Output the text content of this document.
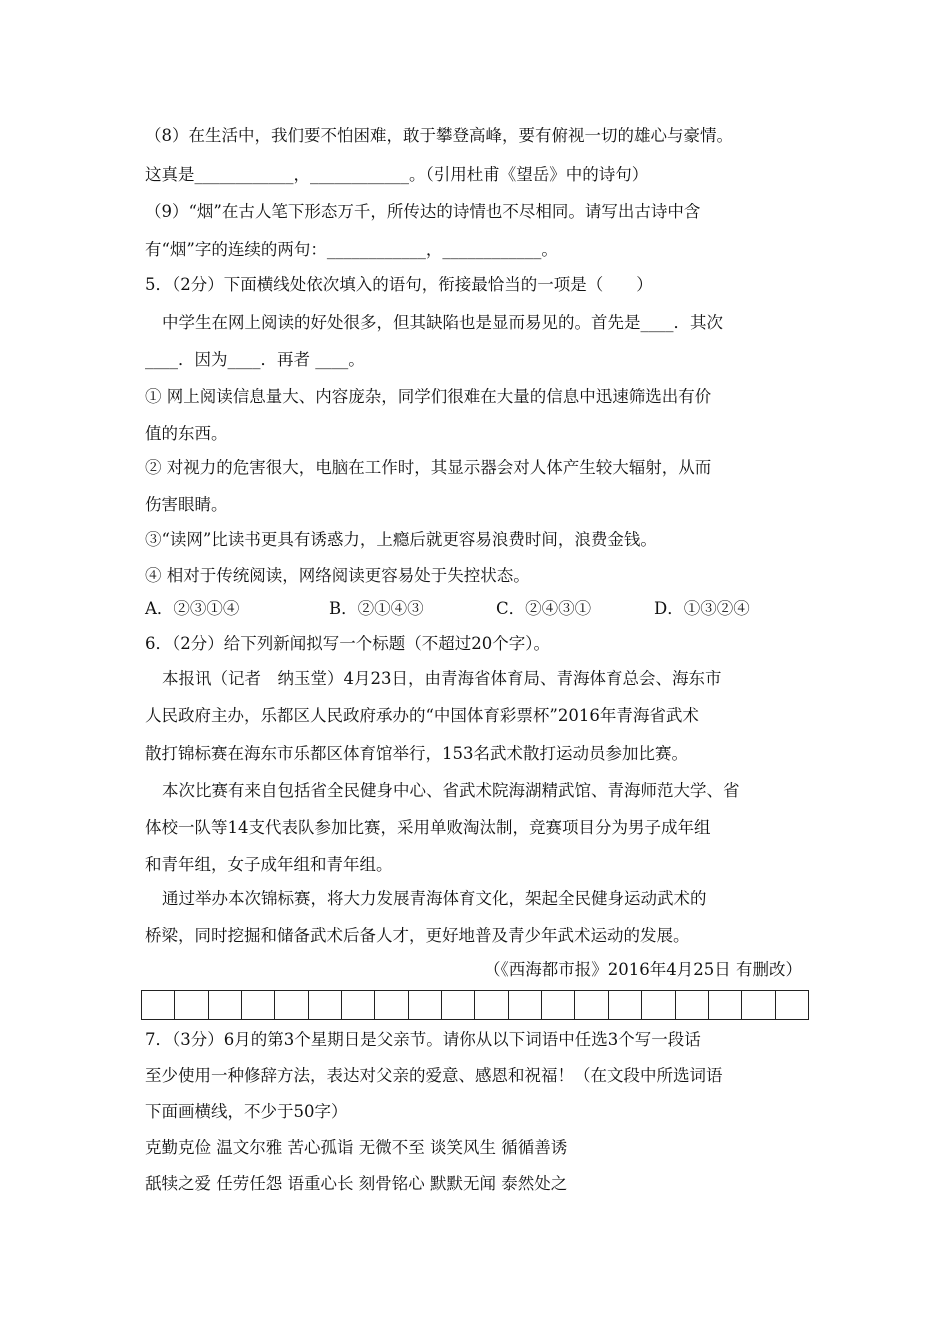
（8）在生活中，我们要不怕困难，敢于攀登高峰，要有俯视一切的雄心与豪情。
这真是____________，____________。（引用杜甫《望岳》中的诗句）
（9）“烟”在古人笔下形态万千，所传达的诗情也不尽相同。请写出古诗中含
有“烟”字的连续的两句：____________，____________。
5．（2分）下面横线处依次填入的语句，衔接最恰当的一项是（　　）
中学生在网上阅读的好处很多，但其缺陷也是显而易见的。首先是____．其次
____．因为____．再者 ____。
① 网上阅读信息量大、内容庞杂，同学们很难在大量的信息中迅速筛选出有价
值的东西。
② 对视力的危害很大，电脑在工作时，其显示器会对人体产生较大辐射，从而
伤害眼睛。
③“读网”比读书更具有诱惑力，上瘾后就更容易浪费时间，浪费金钱。
④ 相对于传统阅读，网络阅读更容易处于失控状态。
A．②③①④	B．②①④③	C．②④③①	D．①③②④
6．（2分）给下列新闻拟写一个标题（不超过20个字）。
本报讯（记者　纳玉堂）4月23日，由青海省体育局、青海体育总会、海东市
人民政府主办，乐都区人民政府承办的“中国体育彩票杯”2016年青海省武术
散打锦标赛在海东市乐都区体育馆举行，153名武术散打运动员参加比赛。
本次比赛有来自包括省全民健身中心、省武术院海湖精武馆、青海师范大学、省
体校一队等14支代表队参加比赛，采用单败淘汰制，竞赛项目分为男子成年组
和青年组，女子成年组和青年组。
通过举办本次锦标赛，将大力发展青海体育文化，架起全民健身运动武术的
桥梁，同时挖掘和储备武术后备人才，更好地普及青少年武术运动的发展。
（《西海都市报》2016年4月25日 有删改）
7．（3分）6月的第3个星期日是父亲节。请你从以下词语中任选3个写一段话
至少使用一种修辞方法，表达对父亲的爱意、感恩和祝福！（在文段中所选词语
下面画横线，不少于50字）
克勤克俭 温文尔雅 苦心孤诣 无微不至 谈笑风生 循循善诱
舐犊之爱 任劳任怨 语重心长 刻骨铭心 默默无闻 泰然处之
